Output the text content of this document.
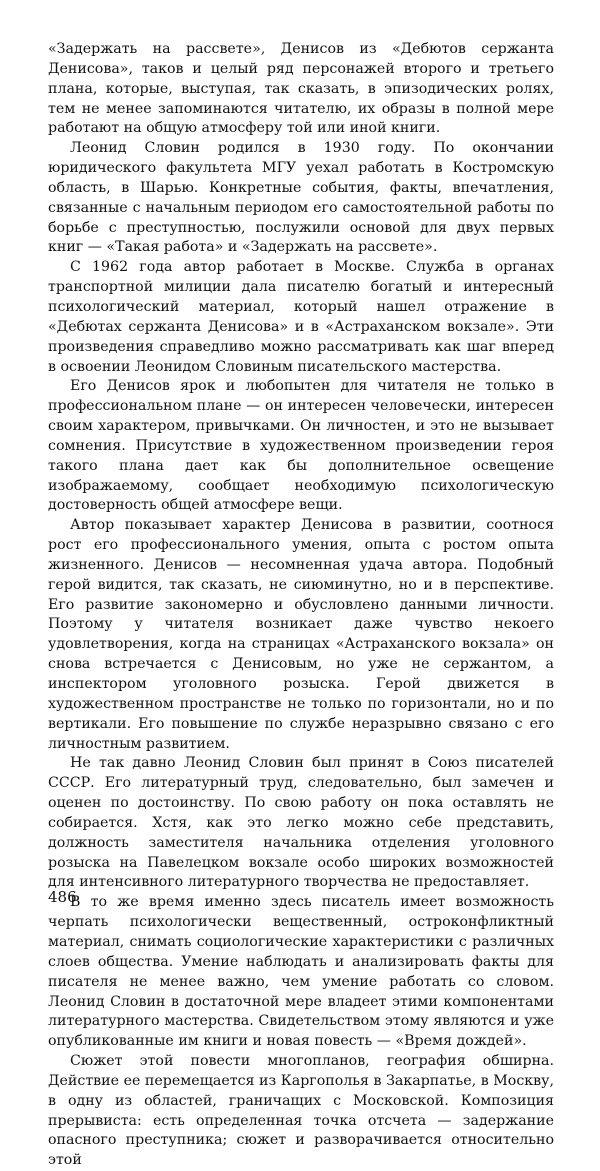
«Задержать на рассвете», Денисов из «Дебютов сержанта Денисова», таков и целый ряд персонажей второго и третьего плана, которые, выступая, так сказать, в эпизодических ролях, тем не менее запоминаются читателю, их образы в полной мере работают на общую атмосферу той или иной книги.

Леонид Словин родился в 1930 году. По окончании юридического факультета МГУ уехал работать в Костромскую область, в Шарью. Конкретные события, факты, впечатления, связанные с начальным периодом его самостоятельной работы по борьбе с преступностью, послужили основой для двух первых книг — «Такая работа» и «Задержать на рассвете».

С 1962 года автор работает в Москве. Служба в органах транспортной милиции дала писателю богатый и интересный психологический материал, который нашел отражение в «Дебютах сержанта Денисова» и в «Астраханском вокзале». Эти произведения справедливо можно рассматривать как шаг вперед в освоении Леонидом Словиным писательского мастерства.

Его Денисов ярок и любопытен для читателя не только в профессиональном плане — он интересен человечески, интересен своим характером, привычками. Он личностен, и это не вызывает сомнения. Присутствие в художественном произведении героя такого плана дает как бы дополнительное освещение изображаемому, сообщает необходимую психологическую достоверность общей атмосфере вещи.

Автор показывает характер Денисова в развитии, соотнося рост его профессионального умения, опыта с ростом опыта жизненного. Денисов — несомненная удача автора. Подобный герой видится, так сказать, не сиюминутно, но и в перспективе. Его развитие закономерно и обусловлено данными личности. Поэтому у читателя возникает даже чувство некоего удовлетворения, когда на страницах «Астраханского вокзала» он снова встречается с Денисовым, но уже не сержантом, а инспектором уголовного розыска. Герой движется в художественном пространстве не только по горизонтали, но и по вертикали. Его повышение по службе неразрывно связано с его личностным развитием.

Не так давно Леонид Словин был принят в Союз писателей СССР. Его литературный труд, следовательно, был замечен и оценен по достоинству. По свою работу он пока оставлять не собирается. Хстя, как это легко можно себе представить, должность заместителя начальника отделения уголовного розыска на Павелецком вокзале особо широких возможностей для интенсивного литературного творчества не предоставляет.

В то же время именно здесь писатель имеет возможность черпать психологически вещественный, остроконфликтный материал, снимать социологические характеристики с различных слоев общества. Умение наблюдать и анализировать факты для писателя не менее важно, чем умение работать со словом. Леонид Словин в достаточной мере владеет этими компонентами литературного мастерства. Свидетельством этому являются и уже опубликованные им книги и новая повесть — «Время дождей».

Сюжет этой повести многопланов, география обширна. Действие ее перемещается из Каргополья в Закарпатье, в Москву, в одну из областей, граничащих с Московской. Композиция прерывиста: есть определенная точка отсчета — задержание опасного преступника; сюжет и разворачивается относительно этой

486
